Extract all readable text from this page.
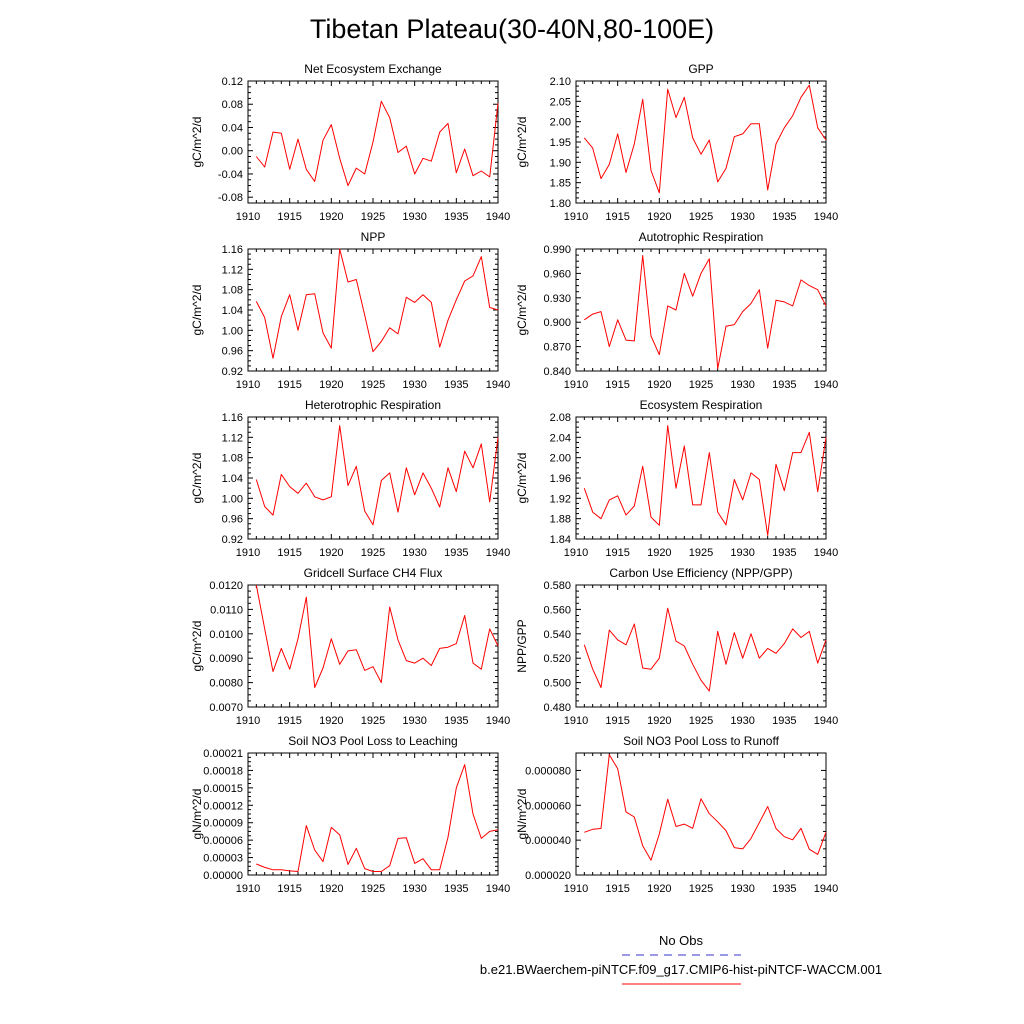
Tibetan Plateau(30-40N,80-100E)
Net Ecosystem Exchange
1910 1915 1920 1925 1930 1935 1940
-0.08
-0.04
0.00
0.04
0.08
0.12
gC/m^2/d
GPP
1910 1915 1920 1925 1930 1935 1940
1.80
1.85
1.90
1.95
2.00
2.05
2.10
gC/m^2/d
NPP
1910 1915 1920 1925 1930 1935 1940
0.92
0.96
1.00
1.04
1.08
1.12
1.16
gC/m^2/d
Autotrophic Respiration
1910 1915 1920 1925 1930 1935 1940
0.840
0.870
0.900
0.930
0.960
0.990
gC/m^2/d
Heterotrophic Respiration
1910 1915 1920 1925 1930 1935 1940
0.92
0.96
1.00
1.04
1.08
1.12
1.16
gC/m^2/d
Ecosystem Respiration
1910 1915 1920 1925 1930 1935 1940
1.84
1.88
1.92
1.96
2.00
2.04
2.08
gC/m^2/d
Gridcell Surface CH4 Flux
1910 1915 1920 1925 1930 1935 1940
0.0070
0.0080
0.0090
0.0100
0.0110
0.0120
gC/m^2/d
Carbon Use Efficiency (NPP/GPP)
1910 1915 1920 1925 1930 1935 1940
0.480
0.500
0.520
0.540
0.560
0.580
NPP/GPP
Soil NO3 Pool Loss to Leaching
1910 1915 1920 1925 1930 1935 1940
0.00000
0.00003
0.00006
0.00009
0.00012
0.00015
0.00018
0.00021
gN/m^2/d
Soil NO3 Pool Loss to Runoff
1910 1915 1920 1925 1930 1935 1940
0.000020
0.000040
0.000060
0.000080
gN/m^2/d
No Obs
b.e21.BWaerchem-piNTCF.f09_g17.CMIP6-hist-piNTCF-WACCM.001
